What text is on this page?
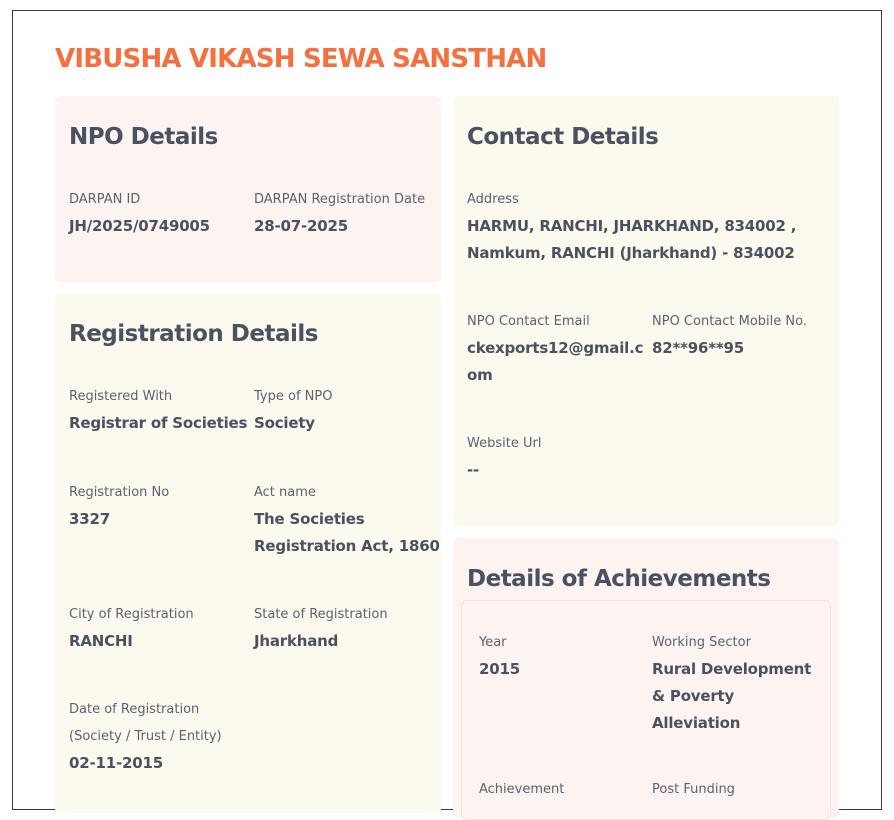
VIBUSHA VIKASH SEWA SANSTHAN
NPO Details
DARPAN ID
JH/2025/0749005
DARPAN Registration Date
28-07-2025
Registration Details
Registered With
Registrar of Societies
Type of NPO
Society
Registration No
3327
Act name
The Societies
Registration Act, 1860
City of Registration
RANCHI
State of Registration
Jharkhand
Date of Registration
(Society / Trust / Entity)
02-11-2015
Contact Details
Address
HARMU, RANCHI, JHARKHAND, 834002 ,
Namkum, RANCHI (Jharkhand) - 834002
NPO Contact Email
ckexports12@gmail.c
om
NPO Contact Mobile No.
82**96**95
Website Url
--
Details of Achievements
Year
2015
Working Sector
Rural Development
& Poverty
Alleviation
Achievement	Post Funding
